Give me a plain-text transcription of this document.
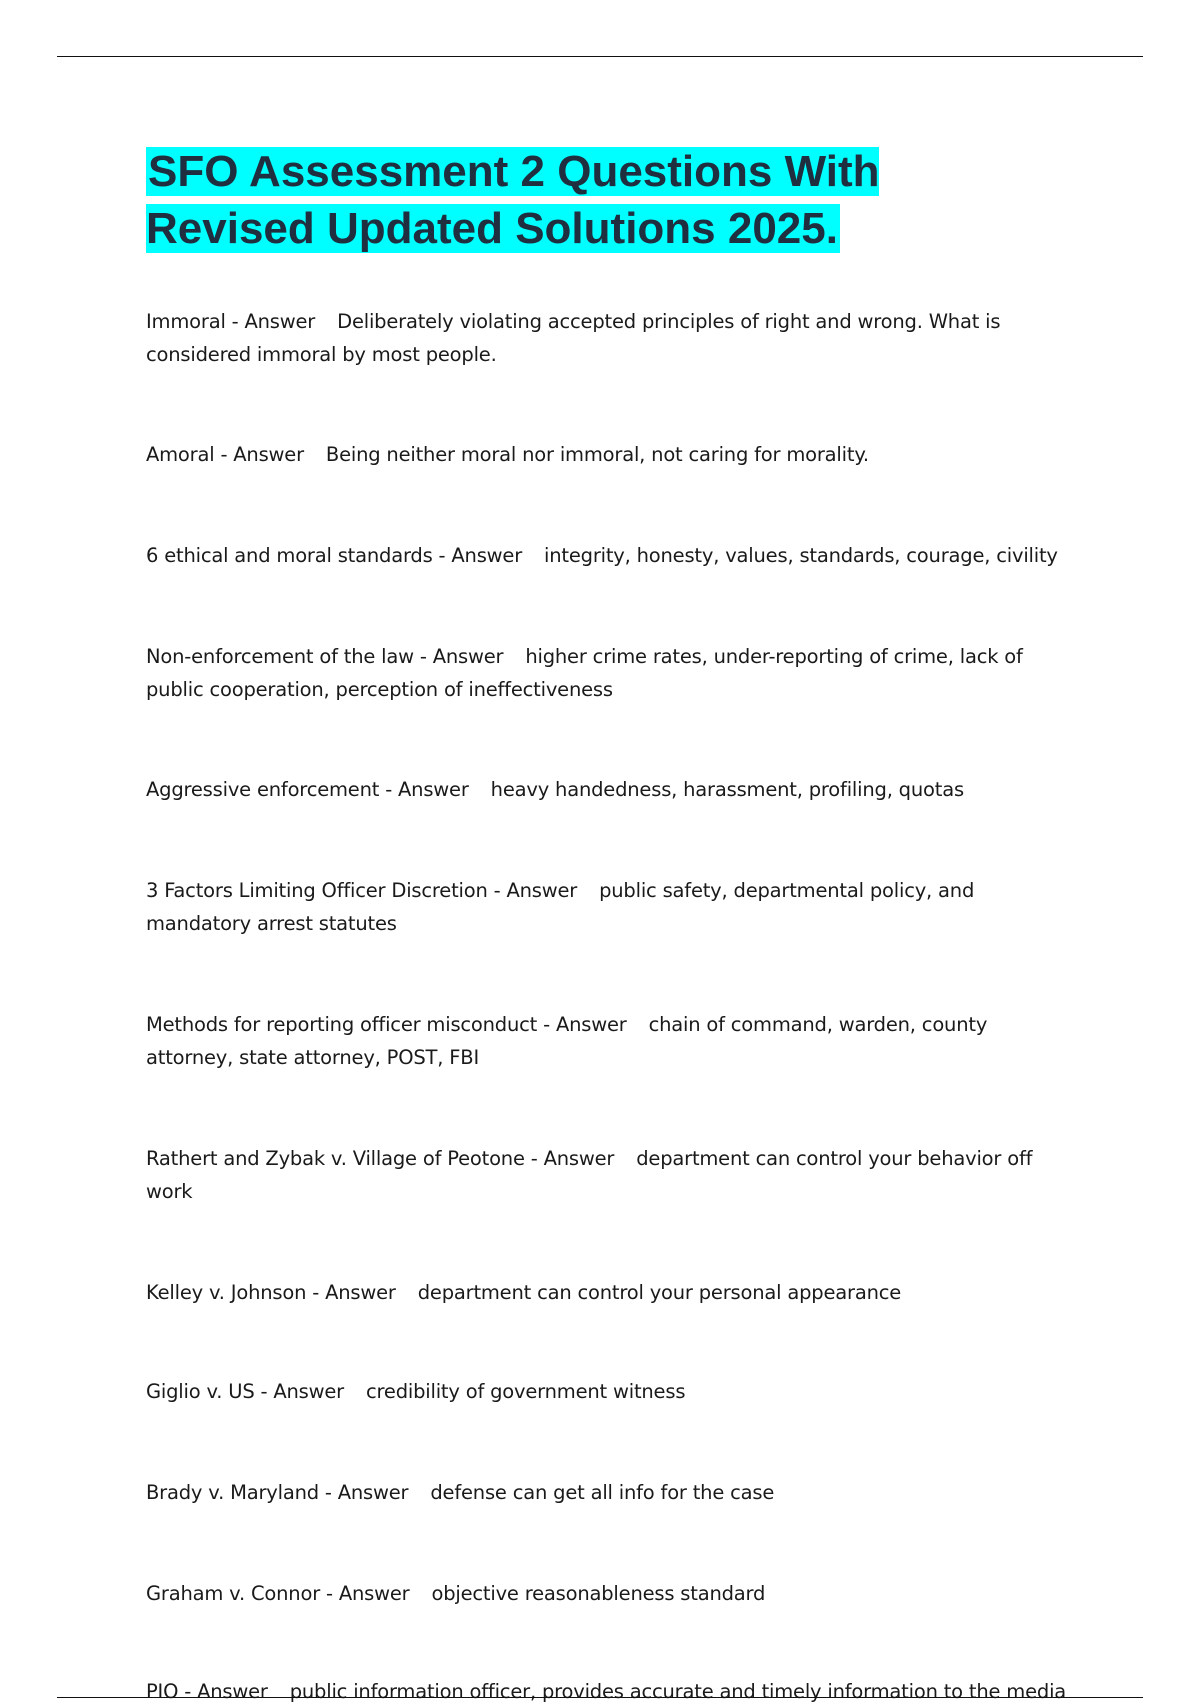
SFO Assessment 2 Questions With Revised Updated Solutions 2025.

Immoral - Answer Deliberately violating accepted principles of right and wrong. What is considered immoral by most people.

Amoral - Answer Being neither moral nor immoral, not caring for morality.

6 ethical and moral standards - Answer integrity, honesty, values, standards, courage, civility

Non-enforcement of the law - Answer higher crime rates, under-reporting of crime, lack of public cooperation, perception of ineffectiveness

Aggressive enforcement - Answer heavy handedness, harassment, profiling, quotas

3 Factors Limiting Officer Discretion - Answer public safety, departmental policy, and mandatory arrest statutes

Methods for reporting officer misconduct - Answer chain of command, warden, county attorney, state attorney, POST, FBI

Rathert and Zybak v. Village of Peotone - Answer department can control your behavior off work

Kelley v. Johnson - Answer department can control your personal appearance

Giglio v. US - Answer credibility of government witness

Brady v. Maryland - Answer defense can get all info for the case

Graham v. Connor - Answer objective reasonableness standard

PIO - Answer public information officer, provides accurate and timely information to the media
